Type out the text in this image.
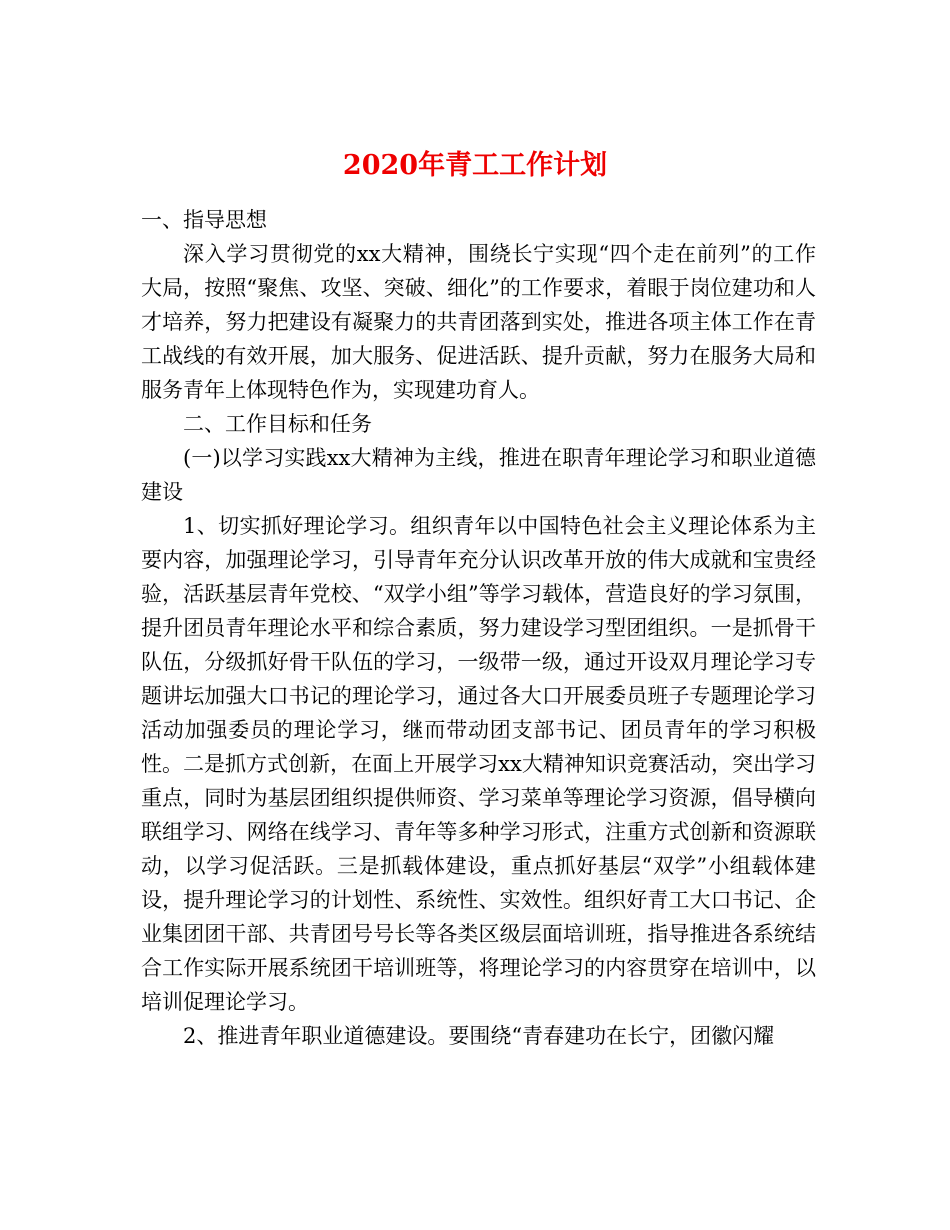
2020年青工工作计划

一、指导思想

深入学习贯彻党的xx大精神，围绕长宁实现“四个走在前列”的工作大局，按照“聚焦、攻坚、突破、细化”的工作要求，着眼于岗位建功和人才培养，努力把建设有凝聚力的共青团落到实处，推进各项主体工作在青工战线的有效开展，加大服务、促进活跃、提升贡献，努力在服务大局和服务青年上体现特色作为，实现建功育人。

二、工作目标和任务

(一)以学习实践xx大精神为主线，推进在职青年理论学习和职业道德建设

1、切实抓好理论学习。组织青年以中国特色社会主义理论体系为主要内容，加强理论学习，引导青年充分认识改革开放的伟大成就和宝贵经验，活跃基层青年党校、“双学小组”等学习载体，营造良好的学习氛围，提升团员青年理论水平和综合素质，努力建设学习型团组织。一是抓骨干队伍，分级抓好骨干队伍的学习，一级带一级，通过开设双月理论学习专题讲坛加强大口书记的理论学习，通过各大口开展委员班子专题理论学习活动加强委员的理论学习，继而带动团支部书记、团员青年的学习积极性。二是抓方式创新，在面上开展学习xx大精神知识竞赛活动，突出学习重点，同时为基层团组织提供师资、学习菜单等理论学习资源，倡导横向联组学习、网络在线学习、青年等多种学习形式，注重方式创新和资源联动，以学习促活跃。三是抓载体建设，重点抓好基层“双学”小组载体建设，提升理论学习的计划性、系统性、实效性。组织好青工大口书记、企业集团团干部、共青团号号长等各类区级层面培训班，指导推进各系统结合工作实际开展系统团干培训班等，将理论学习的内容贯穿在培训中，以培训促理论学习。

2、推进青年职业道德建设。要围绕“青春建功在长宁，团徽闪耀
